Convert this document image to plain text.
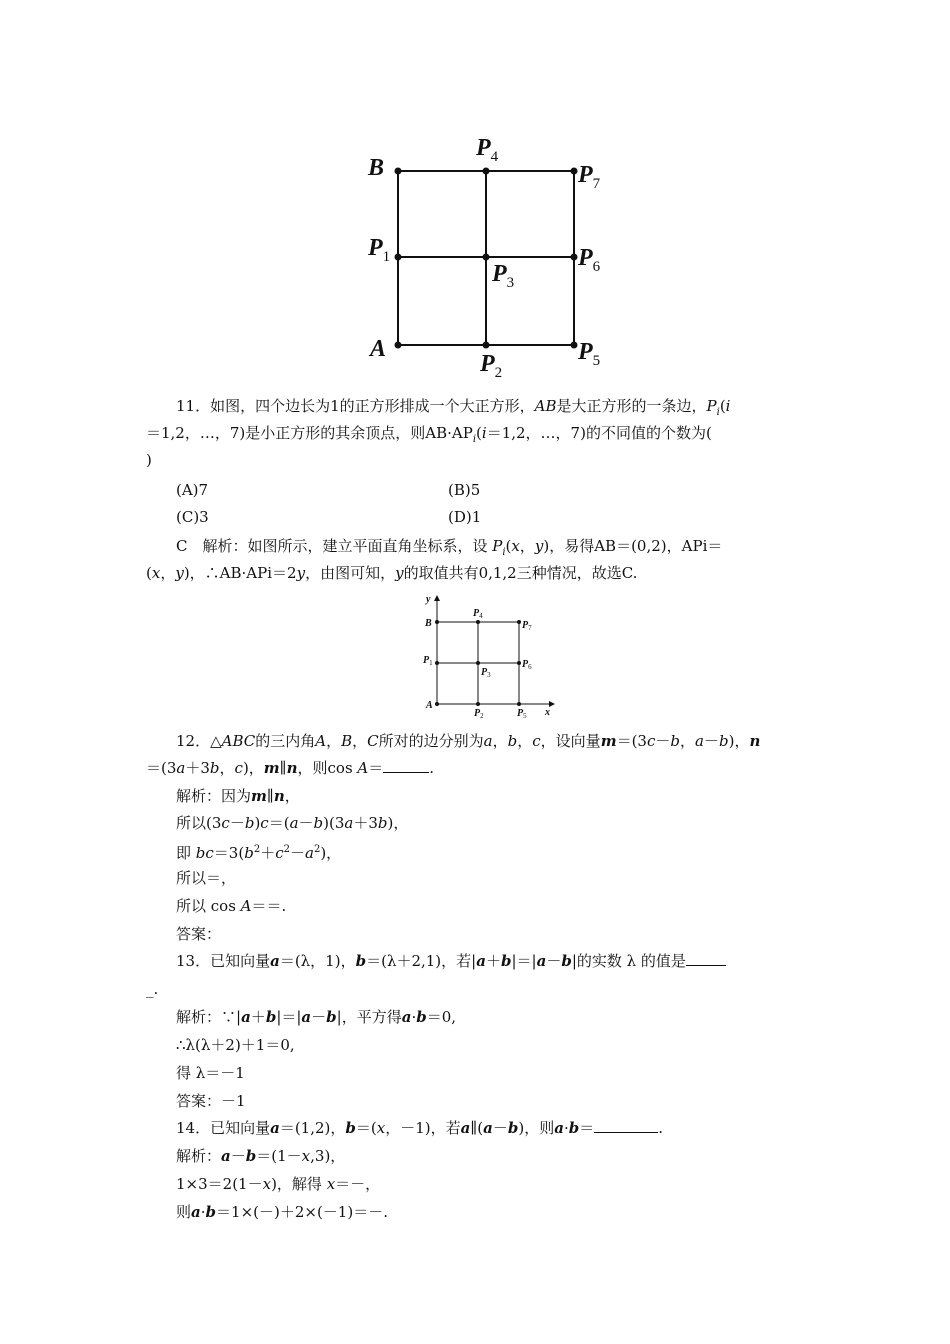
B
A
$P_4$
$P_7$
$P_1$	$P_6$
$P_3$
$P_2$
$P_5$
11．如图，四个边长为1的正方形排成一个大正方形，AB是大正方形的一条边，$P_i(i$
＝1,2，…，7)是小正方形的其余顶点，则$AB\cdot AP_i(i=1,2$，…，7)的不同值的个数为(
)
(A)7	(B)5
(C)3	(D)1
C　解析：如图所示，建立平面直角坐标系，设 $P_i(x$，y)，易得AB＝(0,2)，APi＝
(x，y)，∴AB·APi＝2y，由图可知，y的取值共有0,1,2三种情况，故选C.
y
x
B
A
$P_1$
$P_4$
$P_7$
$P_3$
$P_6$
$P_2$	$P_5$
12．△ABC的三内角A，B，C所对的边分别为a，b，c，设向量m＝(3c－b，a－b)，n
＝(3a＋3b，c)，m∥n，则cos A＝	.
解析：因为m∥n，
所以(3c－b)c＝(a－b)(3a＋3b)，
即 $bc=3(b^2+c^2-a^2)$，
所以＝，
所以 cos A＝＝.
答案：
13．已知向量a＝(λ，1)，b＝(λ＋2,1)，若|a＋b|＝|a－b|的实数 λ 的值是
_.
解析：∵|a＋b|＝|a－b|，平方得a·b＝0,
∴λ(λ＋2)＋1＝0,
得 λ＝－1
答案：－1
14．已知向量a＝(1,2)，b＝(x，－1)，若a∥(a－b)，则a·b＝	.
解析：a－b＝(1－x,3)，
1×3＝2(1－x)，解得 x＝－，
则a·b＝1×(－)＋2×(－1)＝－.
